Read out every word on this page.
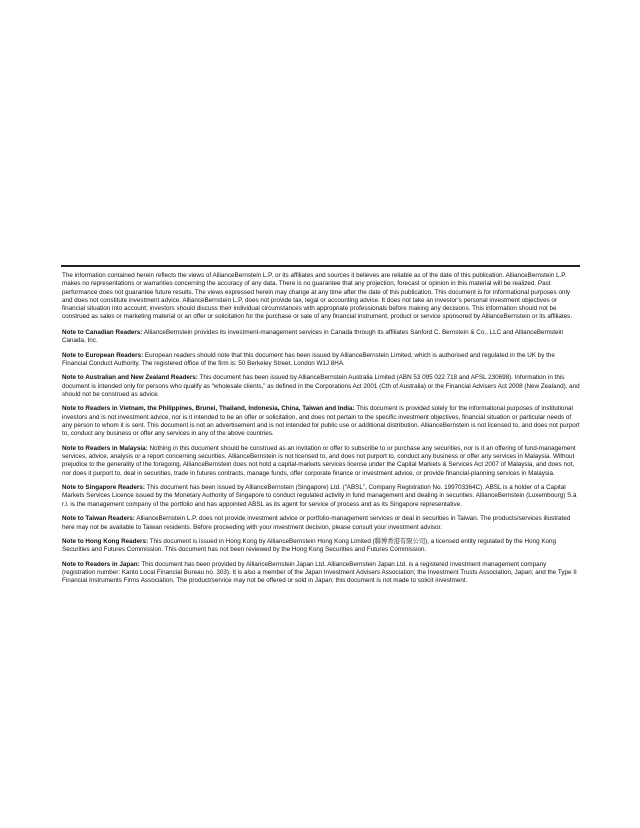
The information contained herein reflects the views of AllianceBernstein L.P. or its affiliates and sources it believes are reliable as of the date of this publication. AllianceBernstein L.P. makes no representations or warranties concerning the accuracy of any data. There is no guarantee that any projection, forecast or opinion in this material will be realized. Past performance does not guarantee future results. The views expressed herein may change at any time after the date of this publication. This document is for informational purposes only and does not constitute investment advice. AllianceBernstein L.P. does not provide tax, legal or accounting advice. It does not take an investor’s personal investment objectives or financial situation into account; investors should discuss their individual circumstances with appropriate professionals before making any decisions. This information should not be construed as sales or marketing material or an offer or solicitation for the purchase or sale of any financial instrument, product or service sponsored by AllianceBernstein or its affiliates.

Note to Canadian Readers: AllianceBernstein provides its investment-management services in Canada through its affiliates Sanford C. Bernstein & Co., LLC and AllianceBernstein Canada, Inc.

Note to European Readers: European readers should note that this document has been issued by AllianceBernstein Limited, which is authorised and regulated in the UK by the Financial Conduct Authority. The registered office of the firm is: 50 Berkeley Street, London W1J 8HA.

Note to Australian and New Zealand Readers: This document has been issued by AllianceBernstein Australia Limited (ABN 53 095 022 718 and AFSL 230698). Information in this document is intended only for persons who qualify as “wholesale clients,” as defined in the Corporations Act 2001 (Cth of Australia) or the Financial Advisers Act 2008 (New Zealand), and should not be construed as advice.

Note to Readers in Vietnam, the Philippines, Brunei, Thailand, Indonesia, China, Taiwan and India: This document is provided solely for the informational purposes of institutional investors and is not investment advice, nor is it intended to be an offer or solicitation, and does not pertain to the specific investment objectives, financial situation or particular needs of any person to whom it is sent. This document is not an advertisement and is not intended for public use or additional distribution. AllianceBernstein is not licensed to, and does not purport to, conduct any business or offer any services in any of the above countries.

Note to Readers in Malaysia: Nothing in this document should be construed as an invitation or offer to subscribe to or purchase any securities, nor is it an offering of fund-management services, advice, analysis or a report concerning securities. AllianceBernstein is not licensed to, and does not purport to, conduct any business or offer any services in Malaysia. Without prejudice to the generality of the foregoing, AllianceBernstein does not hold a capital-markets services license under the Capital Markets & Services Act 2007 of Malaysia, and does not, nor does it purport to, deal in securities, trade in futures contracts, manage funds, offer corporate finance or investment advice, or provide financial-planning services in Malaysia.

Note to Singapore Readers: This document has been issued by AllianceBernstein (Singapore) Ltd. (“ABSL”, Company Registration No. 199703364C). ABSL is a holder of a Capital Markets Services Licence issued by the Monetary Authority of Singapore to conduct regulated activity in fund management and dealing in securities. AllianceBernstein (Luxembourg) S.à r.l. is the management company of the portfolio and has appointed ABSL as its agent for service of process and as its Singapore representative.

Note to Taiwan Readers: AllianceBernstein L.P. does not provide investment advice or portfolio-management services or deal in securities in Taiwan. The products/services illustrated here may not be available to Taiwan residents. Before proceeding with your investment decision, please consult your investment advisor.

Note to Hong Kong Readers: This document is issued in Hong Kong by AllianceBernstein Hong Kong Limited (聯博香港有限公司), a licensed entity regulated by the Hong Kong Securities and Futures Commission. This document has not been reviewed by the Hong Kong Securities and Futures Commission.

Note to Readers in Japan: This document has been provided by AllianceBernstein Japan Ltd. AllianceBernstein Japan Ltd. is a registered investment management company (registration number: Kanto Local Financial Bureau no. 303). It is also a member of the Japan Investment Advisers Association; the Investment Trusts Association, Japan; and the Type II Financial Instruments Firms Association. The product/service may not be offered or sold in Japan; this document is not made to solicit investment.
